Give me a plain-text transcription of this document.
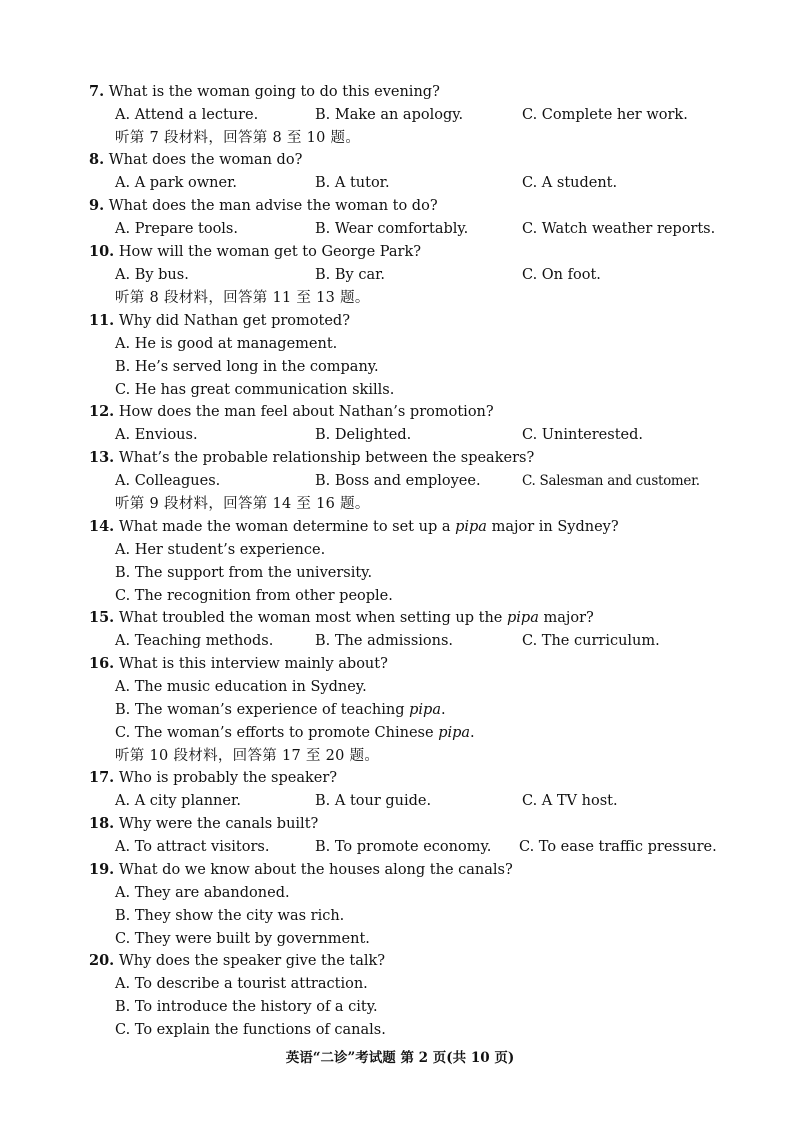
7. What is the woman going to do this evening?
A. Attend a lecture.	B. Make an apology.	C. Complete her work.
听第 7 段材料，回答第 8 至 10 题。
8. What does the woman do?
A. A park owner.	B. A tutor.	C. A student.
9. What does the man advise the woman to do?
A. Prepare tools.	B. Wear comfortably.	C. Watch weather reports.
10. How will the woman get to George Park?
A. By bus.	B. By car.	C. On foot.
听第 8 段材料，回答第 11 至 13 题。
11. Why did Nathan get promoted?
A. He is good at management.
B. He’s served long in the company.
C. He has great communication skills.
12. How does the man feel about Nathan’s promotion?
A. Envious.	B. Delighted.	C. Uninterested.
13. What’s the probable relationship between the speakers?
A. Colleagues.	B. Boss and employee.	C. Salesman and customer.
听第 9 段材料，回答第 14 至 16 题。
14. What made the woman determine to set up a pipa major in Sydney?
A. Her student’s experience.
B. The support from the university.
C. The recognition from other people.
15. What troubled the woman most when setting up the pipa major?
A. Teaching methods.	B. The admissions.	C. The curriculum.
16. What is this interview mainly about?
A. The music education in Sydney.
B. The woman’s experience of teaching pipa.
C. The woman’s efforts to promote Chinese pipa.
听第 10 段材料，回答第 17 至 20 题。
17. Who is probably the speaker?
A. A city planner.	B. A tour guide.	C. A TV host.
18. Why were the canals built?
A. To attract visitors.	B. To promote economy. C. To ease traffic pressure.
19. What do we know about the houses along the canals?
A. They are abandoned.
B. They show the city was rich.
C. They were built by government.
20. Why does the speaker give the talk?
A. To describe a tourist attraction.
B. To introduce the history of a city.
C. To explain the functions of canals.
英语“二诊”考试题 第 2 页(共 10 页)
